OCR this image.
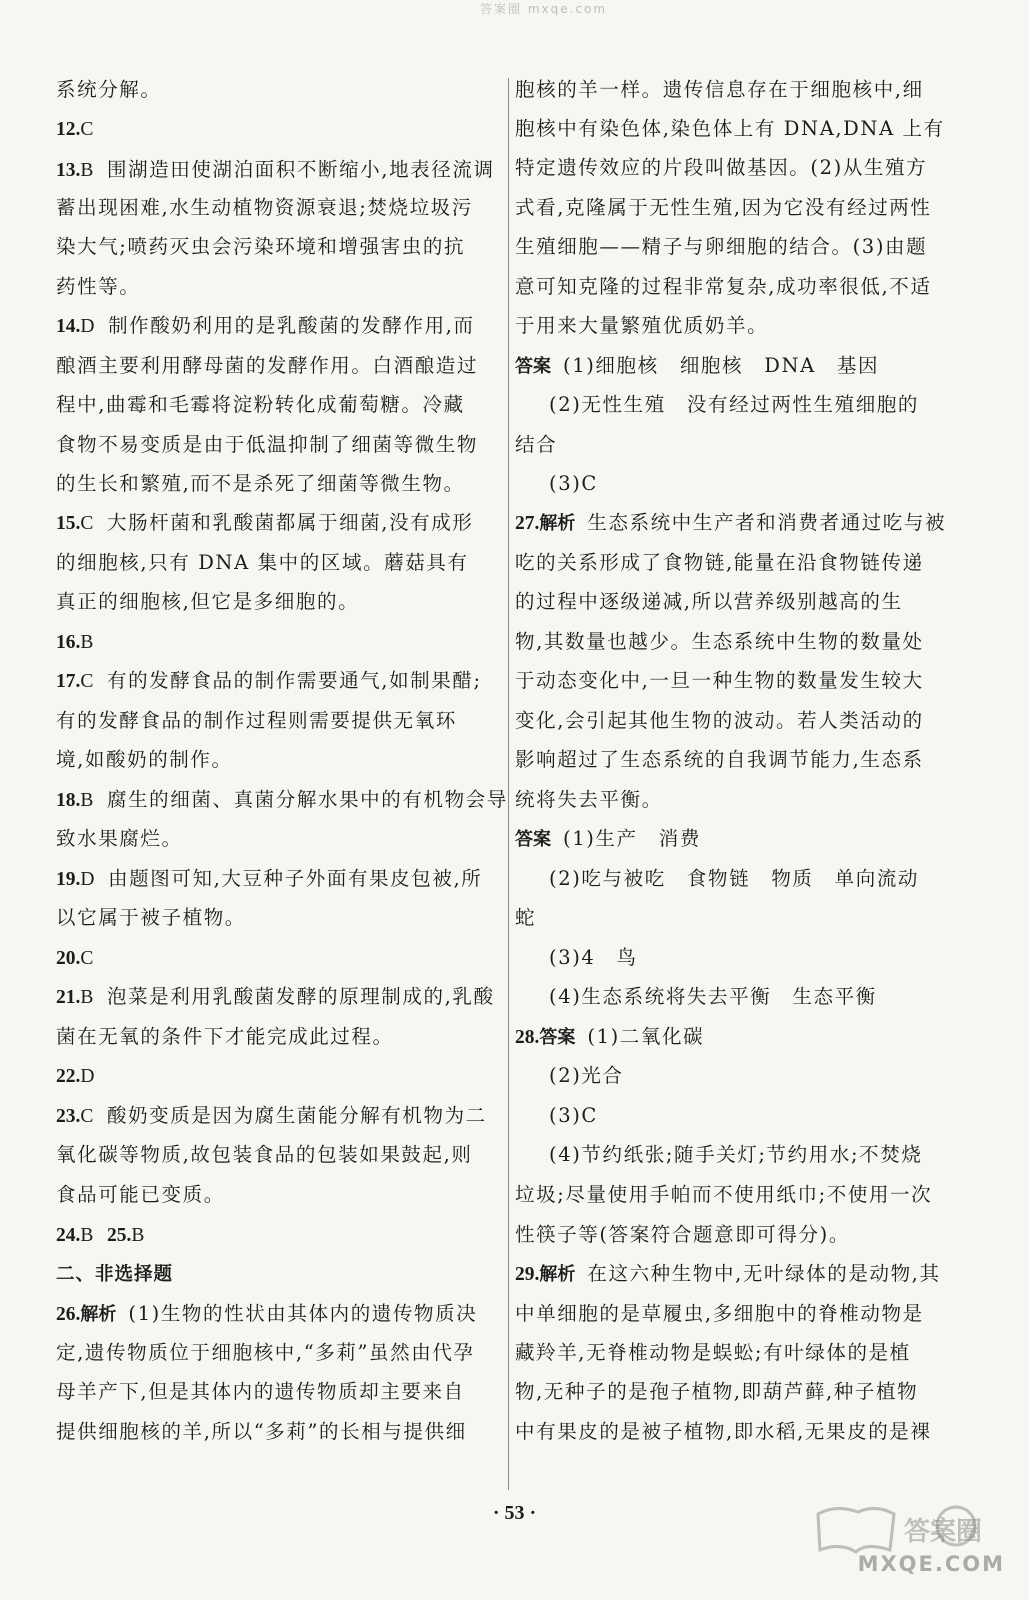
答案圈 mxqe.com
系统分解。
12.C
13.B 围湖造田使湖泊面积不断缩小,地表径流调
蓄出现困难,水生动植物资源衰退;焚烧垃圾污
染大气;喷药灭虫会污染环境和增强害虫的抗
药性等。
14.D 制作酸奶利用的是乳酸菌的发酵作用,而
酿酒主要利用酵母菌的发酵作用。白酒酿造过
程中,曲霉和毛霉将淀粉转化成葡萄糖。冷藏
食物不易变质是由于低温抑制了细菌等微生物
的生长和繁殖,而不是杀死了细菌等微生物。
15.C 大肠杆菌和乳酸菌都属于细菌,没有成形
的细胞核,只有 DNA 集中的区域。蘑菇具有
真正的细胞核,但它是多细胞的。
16.B
17.C 有的发酵食品的制作需要通气,如制果醋;
有的发酵食品的制作过程则需要提供无氧环
境,如酸奶的制作。
18.B 腐生的细菌、真菌分解水果中的有机物会导
致水果腐烂。
19.D 由题图可知,大豆种子外面有果皮包被,所
以它属于被子植物。
20.C
21.B 泡菜是利用乳酸菌发酵的原理制成的,乳酸
菌在无氧的条件下才能完成此过程。
22.D
23.C 酸奶变质是因为腐生菌能分解有机物为二
氧化碳等物质,故包装食品的包装如果鼓起,则
食品可能已变质。
24.B 25.B
二、非选择题
26.解析 (1)生物的性状由其体内的遗传物质决
定,遗传物质位于细胞核中,“多莉”虽然由代孕
母羊产下,但是其体内的遗传物质却主要来自
提供细胞核的羊,所以“多莉”的长相与提供细
胞核的羊一样。遗传信息存在于细胞核中,细
胞核中有染色体,染色体上有 DNA,DNA 上有
特定遗传效应的片段叫做基因。(2)从生殖方
式看,克隆属于无性生殖,因为它没有经过两性
生殖细胞——精子与卵细胞的结合。(3)由题
意可知克隆的过程非常复杂,成功率很低,不适
于用来大量繁殖优质奶羊。
答案 (1)细胞核　细胞核　DNA　基因
(2)无性生殖　没有经过两性生殖细胞的
结合
(3)C
27.解析 生态系统中生产者和消费者通过吃与被
吃的关系形成了食物链,能量在沿食物链传递
的过程中逐级递减,所以营养级别越高的生
物,其数量也越少。生态系统中生物的数量处
于动态变化中,一旦一种生物的数量发生较大
变化,会引起其他生物的波动。若人类活动的
影响超过了生态系统的自我调节能力,生态系
统将失去平衡。
答案 (1)生产　消费
(2)吃与被吃　食物链　物质　单向流动
蛇
(3)4　鸟
(4)生态系统将失去平衡　生态平衡
28.答案 (1)二氧化碳
(2)光合
(3)C
(4)节约纸张;随手关灯;节约用水;不焚烧
垃圾;尽量使用手帕而不使用纸巾;不使用一次
性筷子等(答案符合题意即可得分)。
29.解析 在这六种生物中,无叶绿体的是动物,其
中单细胞的是草履虫,多细胞中的脊椎动物是
藏羚羊,无脊椎动物是蜈蚣;有叶绿体的是植
物,无种子的是孢子植物,即葫芦藓,种子植物
中有果皮的是被子植物,即水稻,无果皮的是裸
· 53 ·
答案圈
MXQE.COM
